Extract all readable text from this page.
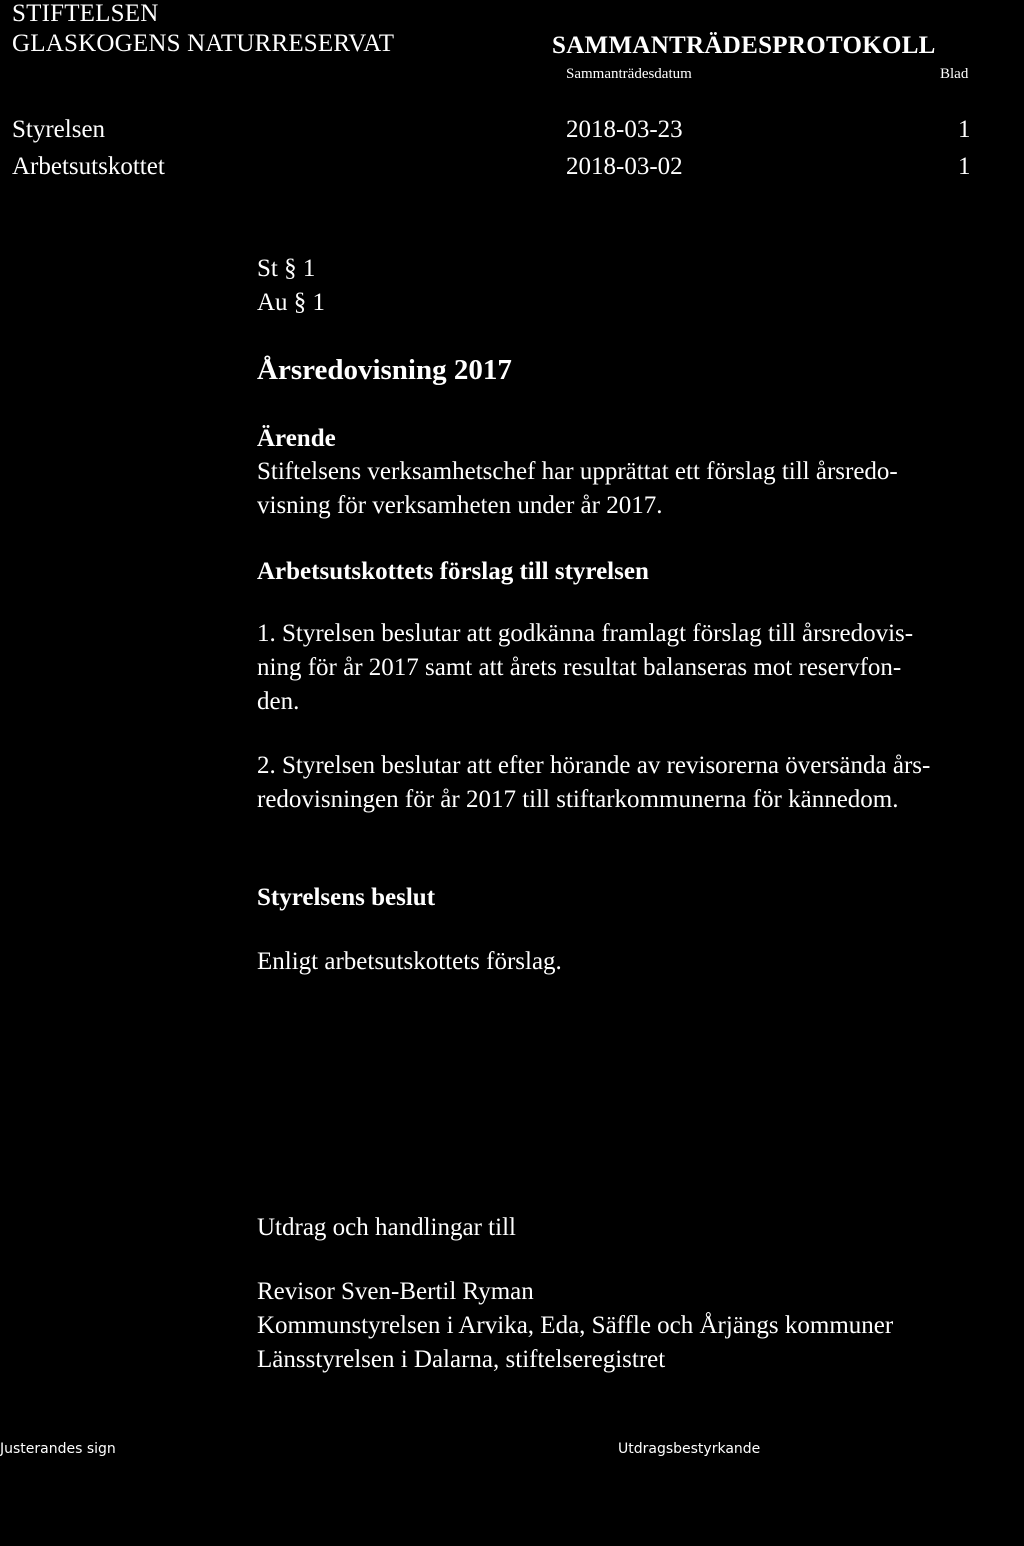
STIFTELSEN
GLASKOGENS NATURRESERVAT	SAMMANTRÄDESPROTOKOLL
Sammanträdesdatum	Blad
Styrelsen	2018-03-23	1
Arbetsutskottet	2018-03-02	1
St § 1
Au § 1
Årsredovisning 2017
Ärende
Stiftelsens verksamhetschef har upprättat ett förslag till årsredo-
visning för verksamheten under år 2017.
Arbetsutskottets förslag till styrelsen
1. Styrelsen beslutar att godkänna framlagt förslag till årsredovis-
ning för år 2017 samt att årets resultat balanseras mot reservfon-
den.
2. Styrelsen beslutar att efter hörande av revisorerna översända års-
redovisningen för år 2017 till stiftarkommunerna för kännedom.
Styrelsens beslut
Enligt arbetsutskottets förslag.
Utdrag och handlingar till
Revisor Sven-Bertil Ryman
Kommunstyrelsen i Arvika, Eda, Säffle och Årjängs kommuner
Länsstyrelsen i Dalarna, stiftelseregistret
Justerandes sign	Utdragsbestyrkande
